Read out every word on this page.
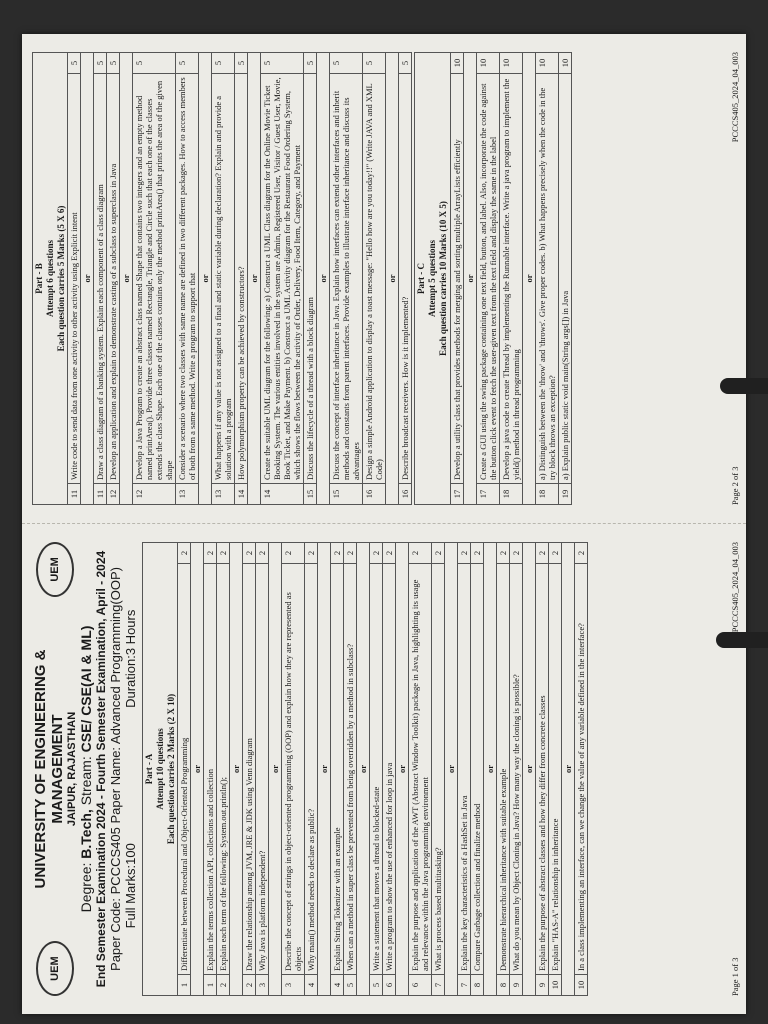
UEM
UNIVERSITY OF ENGINEERING & MANAGEMENT JAIPUR, RAJASTHAN
UEM
Degree: B.Tech, Stream: CSE/ CSE(AI & ML) End Semester Examination 2024 - Fourth Semester Examination, April - 2024 Paper Code: PCCCS405 Paper Name: Advanced Programming(OOP) Full Marks:100
Duration:3 Hours
Part - A Attempt 10 questions Each question carries 2 Marks (2 X 10)		

1	Differentiate between Procedural and Object-Oriented Programming	2
or		
1	Explain the terms collection API, collections and collection	2
2	Explain each term of the following: System.out.println();	2
or		
2	Draw the relationship among JVM, JRE & JDK using Venn diagram	2
3	Why Java is platform independent?	2
or		
3	Describe the concept of strings in object-oriented programming (OOP) and explain how they are represented as objects	2
4	Why main() method needs to declare as public?	2
or		
4	Explain String Tokenizer with an example	2
5	When can a method in super class be prevented from being overridden by a method in subclass?	2
or		
5	Write a statement that moves a thread to blocked-state	2
6	Write a program to show the use of enhanced for loop in java	2
or		
6	Explain the purpose and application of the AWT (Abstract Window Toolkit) package in Java, highlighting its usage and relevance within the Java programming environment	2
7	What is process based multitasking?	2
or		
7	Explain the key characteristics of a HashSet in Java	2
8	Compare Garbage collection and finalize method	2
or		
8	Demonstrate hierarchical inheritance with suitable example	2
9	What do you mean by Object Cloning in Java? How many way the cloning is possible?	2
or		
9	Explain the purpose of abstract classes and how they differ from concrete classes	2
10	Explain "HAS-A" relationship in inheritance	2
or		
10	In a class implementing an interface, can we change the value of any variable defined in the interface?	2
Page 1 of 3
PCCCS405_2024_04_003
Part - B Attempt 6 questions Each question carries 5 Marks (5 X 6)		

11	Write code to send data from one activity to other activity using Explicit intent	5
or		
11	Draw a class diagram of a banking system. Explain each component of a class diagram	5
12	Develop an application and explain to demonstrate casting of a subclass to superclass in Java	5
or		
12	Develop a Java Program to create an abstract class named Shape that contains two integers and an empty method named printArea(). Provide three classes named Rectangle, Triangle and Circle such that each one of the classes extends the class Shape. Each one of the classes contains only the method printArea() that prints the area of the given shape	5
13	Consider a scenario where two classes with same name are defined in two different packages. How to access members of both from a same method. Write a program to support that	5
or		
13	What happens if any value is not assigned to a final and static variable during declaration? Explain and provide a solution with a program	5
14	How polymorphism property can be achieved by constructors?	5
or		
14	Create the suitable UML diagram for the following: a) Construct a UML Class diagram for the Online Movie Ticket Booking System. The various entities involved in the system are Admin, Registered User, Visitor / Guest User, Movie, Book Ticket, and Make Payment. b) Construct a UML Activity diagram for the Restaurant Food Ordering System, which shows the flows between the activity of Order, Delivery, Food Item, Category, and Payment	5
15	Discuss the lifecycle of a thread with a block diagram	5
or		
15	Discuss the concept of interface inheritance in Java. Explain how interfaces can extend other interfaces and inherit methods and constants from parent interfaces. Provide examples to illustrate interface inheritance and discuss its advantages	5
16	Design a simple Android application to display a toast message: "Hello how are you today!!" (Write JAVA and XML Code)	5
or		
16	Describe broadcast receivers. How is it implemented?	5
Part - C Attempt 5 questions Each question carries 10 Marks (10 X 5)		

17	Develop a utility class that provides methods for merging and sorting multiple ArrayLists efficiently	10
or		
17	Create a GUI using the swing package containing one text field, button, and label. Also, incorporate the code against the button click event to fetch the user-given text from the text field and display the same in the label	10
18	Develop a java code to create Thread by implementing the Runnable interface. Write a java program to implement the yield() method in thread programming	10
or		
18	a) Distinguish between the 'throw' and 'throws'. Give proper codes. b) What happens precisely when the code in the try block throws an exception?	10
19	a) Explain public static void main(String args[]) in Java	10
Page 2 of 3
PCCCS405_2024_04_003
